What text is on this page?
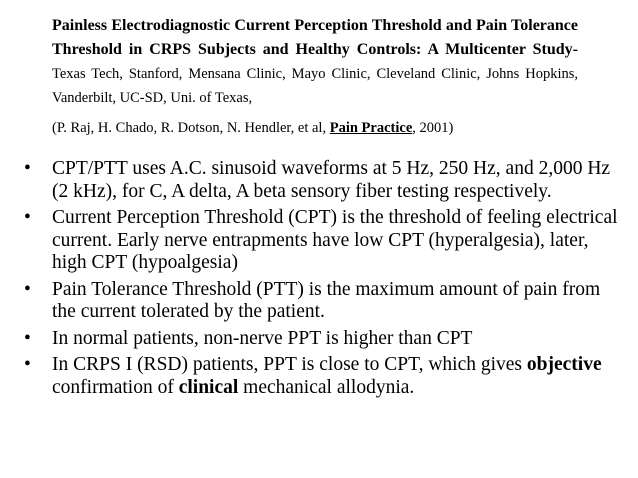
Painless Electrodiagnostic Current Perception Threshold and Pain Tolerance Threshold in CRPS Subjects and Healthy Controls: A Multicenter Study- Texas Tech, Stanford, Mensana Clinic, Mayo Clinic, Cleveland Clinic, Johns Hopkins, Vanderbilt, UC-SD, Uni. of Texas,
(P. Raj, H. Chado, R. Dotson, N. Hendler, et al, Pain Practice, 2001)
• CPT/PTT uses A.C. sinusoid waveforms at 5 Hz, 250 Hz, and 2,000 Hz (2 kHz), for C, A delta, A beta sensory fiber testing respectively.
• Current Perception Threshold (CPT) is the threshold of feeling electrical current. Early nerve entrapments have low CPT (hyperalgesia), later, high CPT (hypoalgesia)
• Pain Tolerance Threshold (PTT) is the maximum amount of pain from the current tolerated by the patient.
• In normal patients, non-nerve PPT is higher than CPT
• In CRPS I (RSD) patients, PPT is close to CPT, which gives objective confirmation of clinical mechanical allodynia.
